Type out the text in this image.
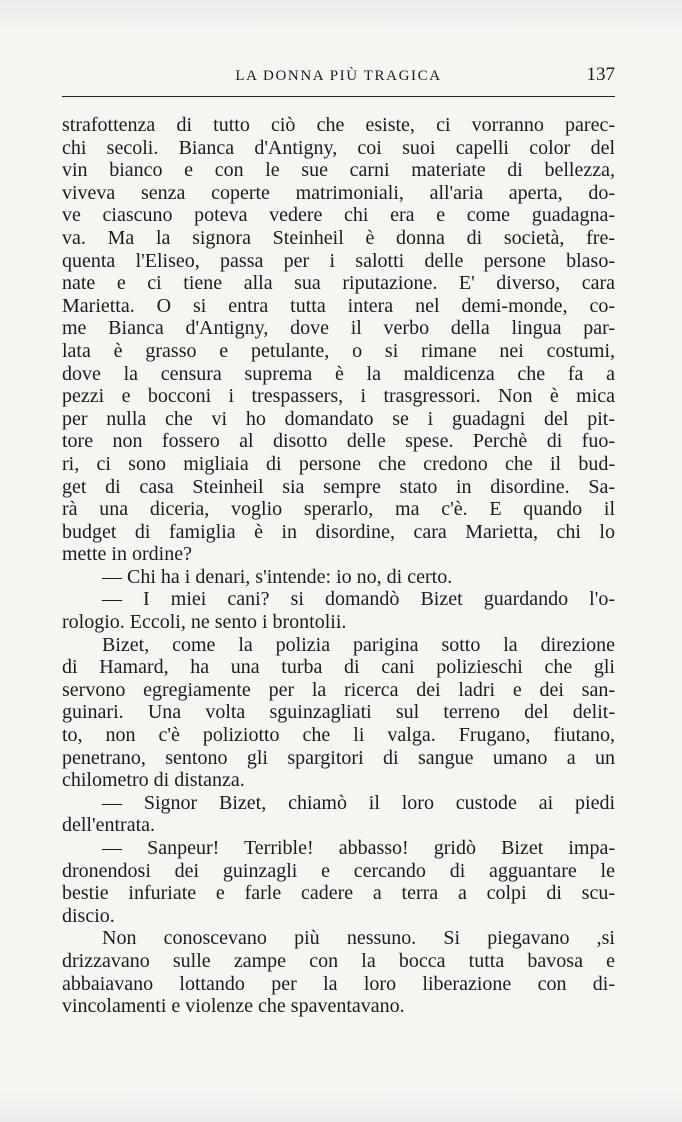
LA DONNA PIÙ TRAGICA	137
strafottenza di tutto ciò che esiste, ci vorranno parec-
chi secoli. Bianca d'Antigny, coi suoi capelli color del
vin bianco e con le sue carni materiate di bellezza,
viveva senza coperte matrimoniali, all'aria aperta, do-
ve ciascuno poteva vedere chi era e come guadagna-
va. Ma la signora Steinheil è donna di società, fre-
quenta l'Eliseo, passa per i salotti delle persone blaso-
nate e ci tiene alla sua riputazione. E' diverso, cara
Marietta. O si entra tutta intera nel demi-monde, co-
me Bianca d'Antigny, dove il verbo della lingua par-
lata è grasso e petulante, o si rimane nei costumi,
dove la censura suprema è la maldicenza che fa a
pezzi e bocconi i trespassers, i trasgressori. Non è mica
per nulla che vi ho domandato se i guadagni del pit-
tore non fossero al disotto delle spese. Perchè di fuo-
ri, ci sono migliaia di persone che credono che il bud-
get di casa Steinheil sia sempre stato in disordine. Sa-
rà una diceria, voglio sperarlo, ma c'è. E quando il
budget di famiglia è in disordine, cara Marietta, chi lo
mette in ordine?
— Chi ha i denari, s'intende: io no, di certo.
— I miei cani? si domandò Bizet guardando l'o-
rologio. Eccoli, ne sento i brontolii.
Bizet, come la polizia parigina sotto la direzione
di Hamard, ha una turba di cani polizieschi che gli
servono egregiamente per la ricerca dei ladri e dei san-
guinari. Una volta sguinzagliati sul terreno del delit-
to, non c'è poliziotto che li valga. Frugano, fiutano,
penetrano, sentono gli spargitori di sangue umano a un
chilometro di distanza.
— Signor Bizet, chiamò il loro custode ai piedi
dell'entrata.
— Sanpeur! Terrible! abbasso! gridò Bizet impa-
dronendosi dei guinzagli e cercando di agguantare le
bestie infuriate e farle cadere a terra a colpi di scu-
discio.
Non conoscevano più nessuno. Si piegavano ,si
drizzavano sulle zampe con la bocca tutta bavosa e
abbaiavano lottando per la loro liberazione con di-
vincolamenti e violenze che spaventavano.
